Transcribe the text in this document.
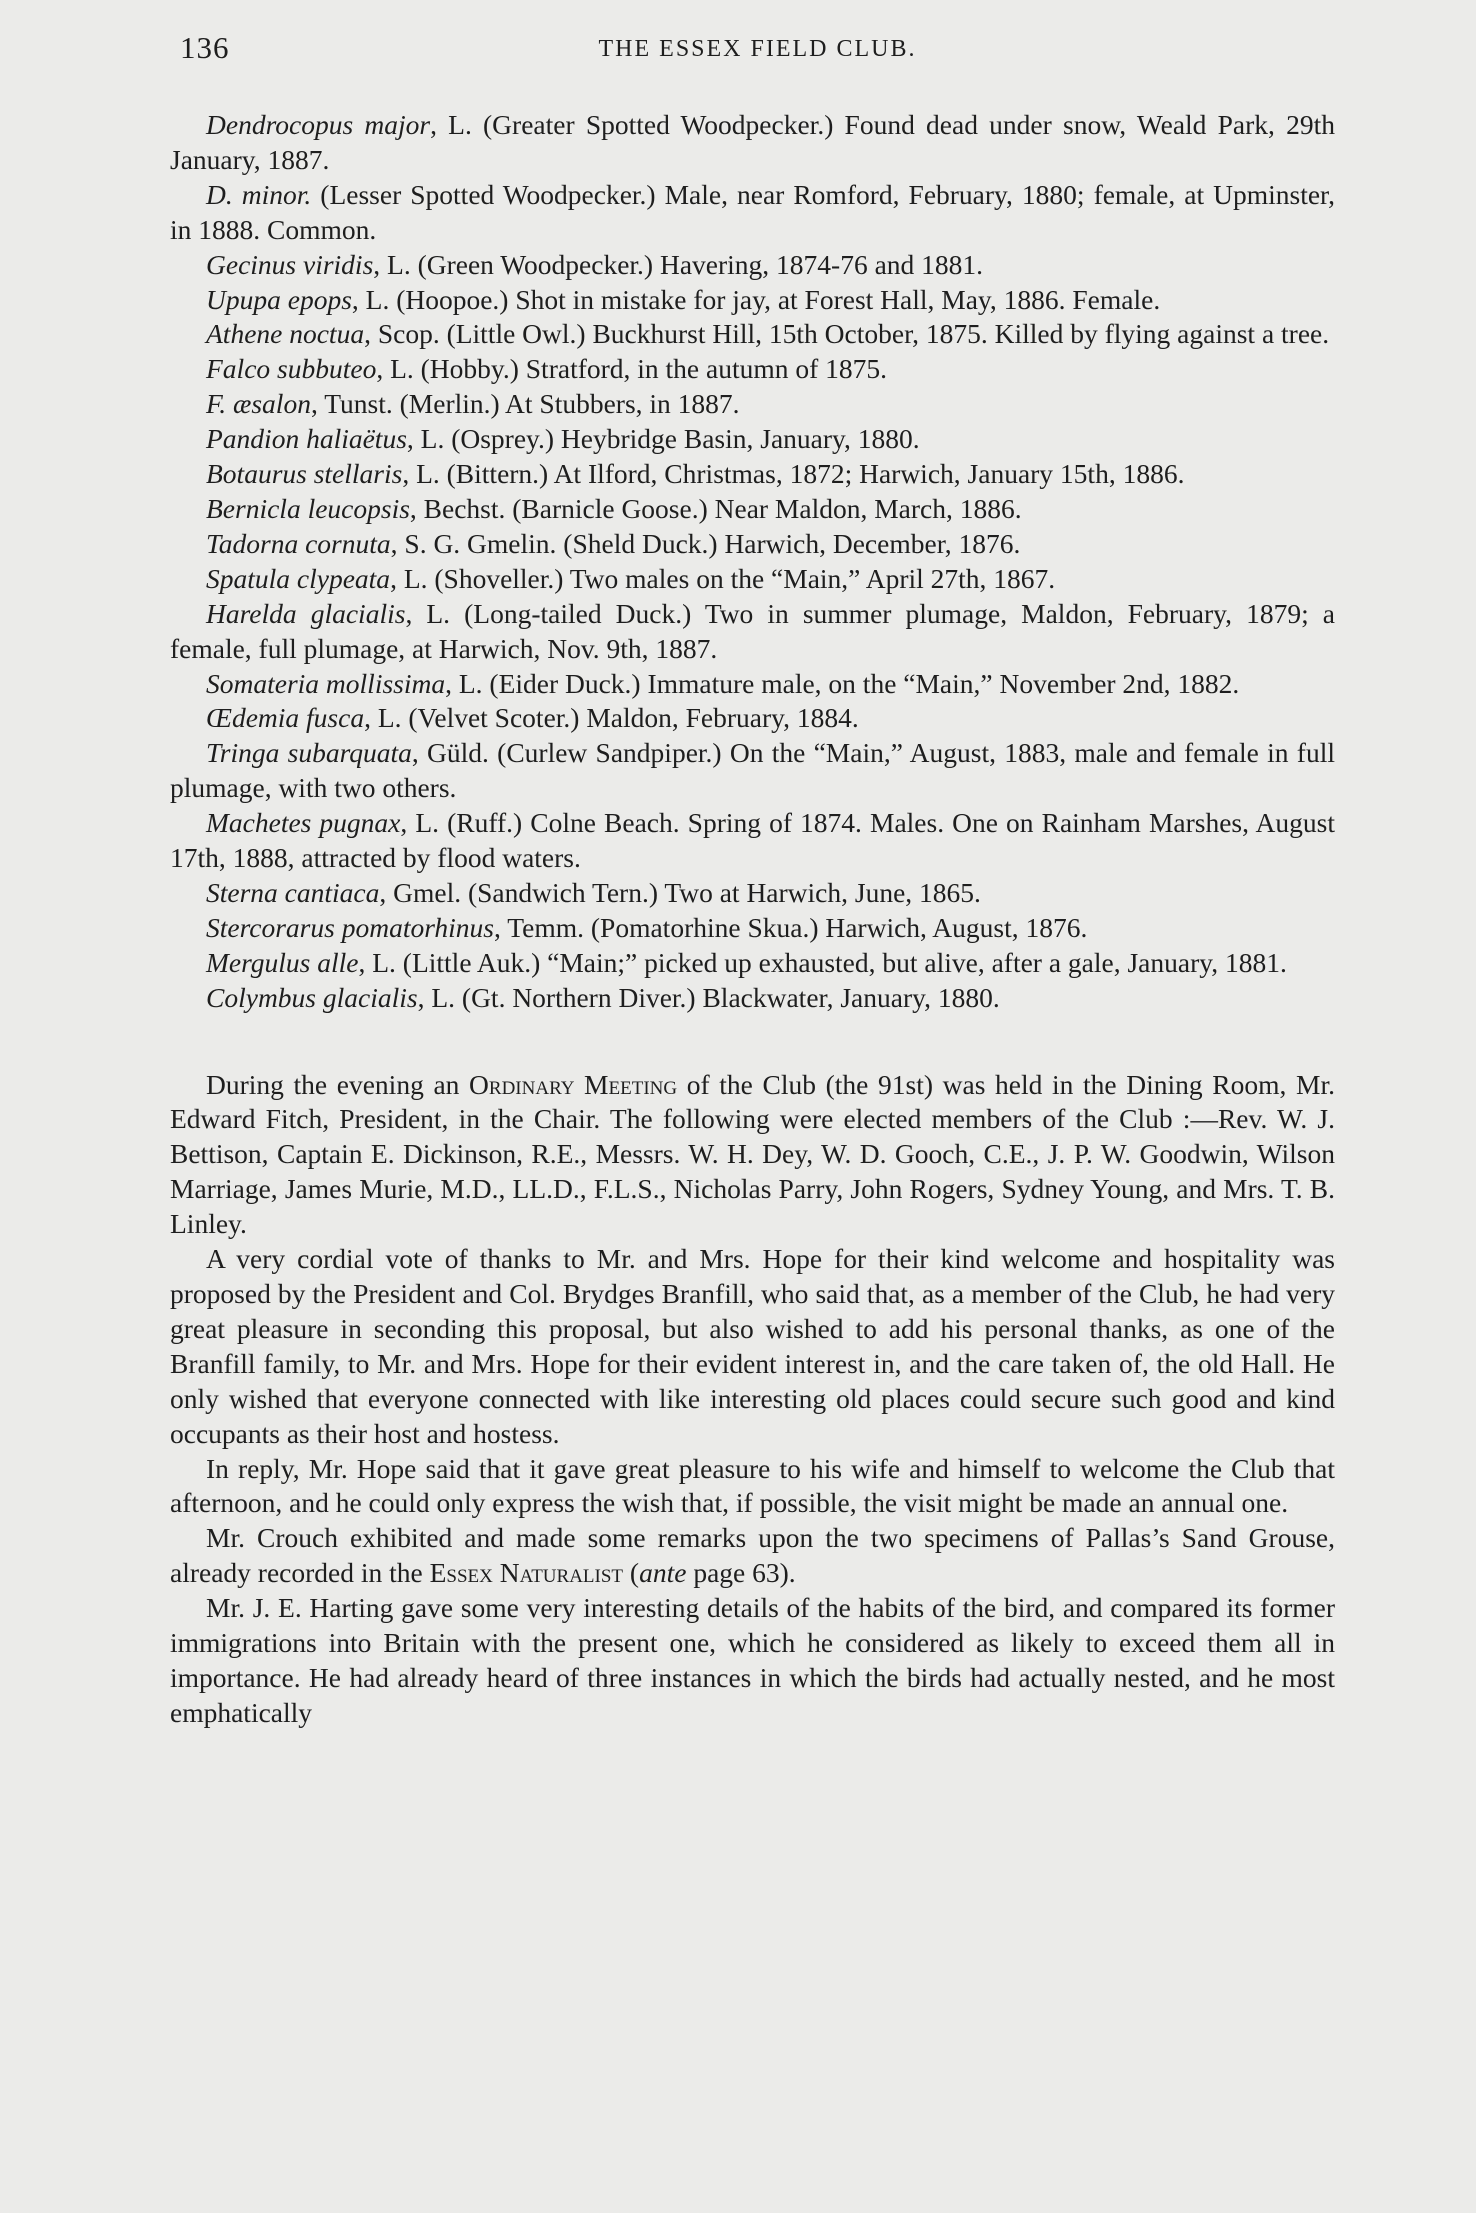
136	THE ESSEX FIELD CLUB.

Dendrocopus major, L. (Greater Spotted Woodpecker.) Found dead under snow, Weald Park, 29th January, 1887.

D. minor. (Lesser Spotted Woodpecker.) Male, near Romford, February, 1880; female, at Upminster, in 1888. Common.

Gecinus viridis, L. (Green Woodpecker.) Havering, 1874-76 and 1881.

Upupa epops, L. (Hoopoe.) Shot in mistake for jay, at Forest Hall, May, 1886. Female.

Athene noctua, Scop. (Little Owl.) Buckhurst Hill, 15th October, 1875. Killed by flying against a tree.

Falco subbuteo, L. (Hobby.) Stratford, in the autumn of 1875.

F. æsalon, Tunst. (Merlin.) At Stubbers, in 1887.

Pandion haliaëtus, L. (Osprey.) Heybridge Basin, January, 1880.

Botaurus stellaris, L. (Bittern.) At Ilford, Christmas, 1872; Harwich, January 15th, 1886.

Bernicla leucopsis, Bechst. (Barnicle Goose.) Near Maldon, March, 1886.

Tadorna cornuta, S. G. Gmelin. (Sheld Duck.) Harwich, December, 1876.

Spatula clypeata, L. (Shoveller.) Two males on the “Main,” April 27th, 1867.

Harelda glacialis, L. (Long-tailed Duck.) Two in summer plumage, Maldon, February, 1879; a female, full plumage, at Harwich, Nov. 9th, 1887.

Somateria mollissima, L. (Eider Duck.) Immature male, on the “Main,” November 2nd, 1882.

Œdemia fusca, L. (Velvet Scoter.) Maldon, February, 1884.

Tringa subarquata, Güld. (Curlew Sandpiper.) On the “Main,” August, 1883, male and female in full plumage, with two others.

Machetes pugnax, L. (Ruff.) Colne Beach. Spring of 1874. Males. One on Rainham Marshes, August 17th, 1888, attracted by flood waters.

Sterna cantiaca, Gmel. (Sandwich Tern.) Two at Harwich, June, 1865.

Stercorarus pomatorhinus, Temm. (Pomatorhine Skua.) Harwich, August, 1876.

Mergulus alle, L. (Little Auk.) “Main;” picked up exhausted, but alive, after a gale, January, 1881.

Colymbus glacialis, L. (Gt. Northern Diver.) Blackwater, January, 1880.

During the evening an Ordinary Meeting of the Club (the 91st) was held in the Dining Room, Mr. Edward Fitch, President, in the Chair. The following were elected members of the Club :—Rev. W. J. Bettison, Captain E. Dickinson, R.E., Messrs. W. H. Dey, W. D. Gooch, C.E., J. P. W. Goodwin, Wilson Marriage, James Murie, M.D., LL.D., F.L.S., Nicholas Parry, John Rogers, Sydney Young, and Mrs. T. B. Linley.

A very cordial vote of thanks to Mr. and Mrs. Hope for their kind welcome and hospitality was proposed by the President and Col. Brydges Branfill, who said that, as a member of the Club, he had very great pleasure in seconding this proposal, but also wished to add his personal thanks, as one of the Branfill family, to Mr. and Mrs. Hope for their evident interest in, and the care taken of, the old Hall. He only wished that everyone connected with like interesting old places could secure such good and kind occupants as their host and hostess.

In reply, Mr. Hope said that it gave great pleasure to his wife and himself to welcome the Club that afternoon, and he could only express the wish that, if possible, the visit might be made an annual one.

Mr. Crouch exhibited and made some remarks upon the two specimens of Pallas’s Sand Grouse, already recorded in the Essex Naturalist (ante page 63).

Mr. J. E. Harting gave some very interesting details of the habits of the bird, and compared its former immigrations into Britain with the present one, which he considered as likely to exceed them all in importance. He had already heard of three instances in which the birds had actually nested, and he most emphatically
